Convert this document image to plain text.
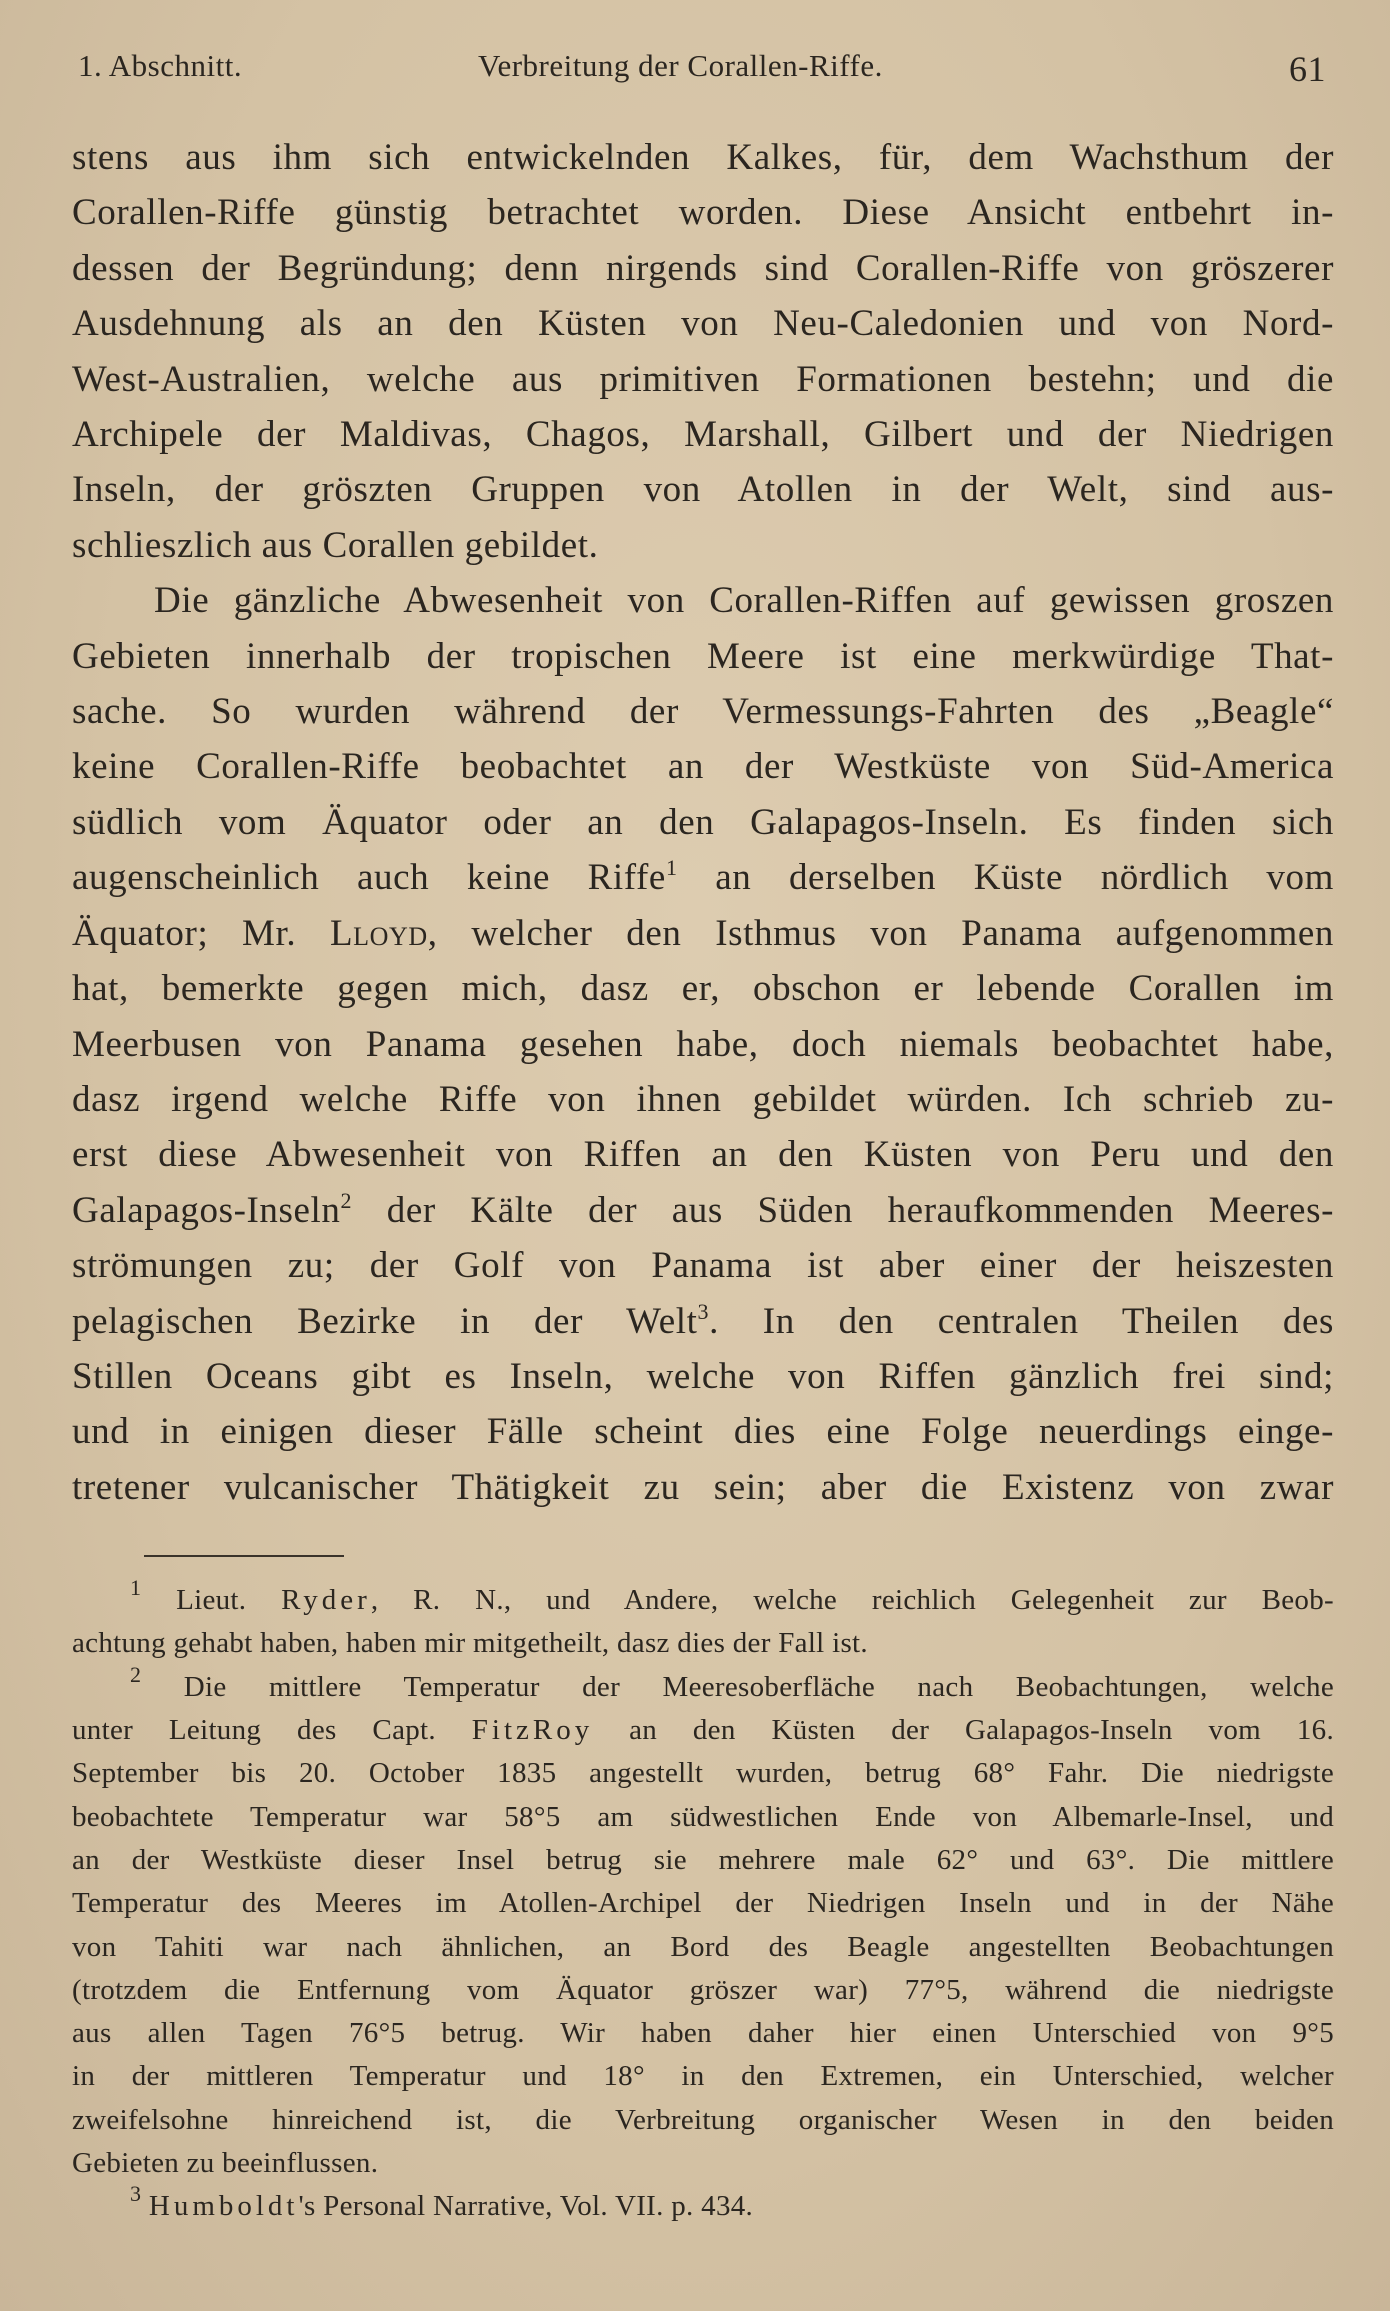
1. Abschnitt.	Verbreitung der Corallen-Riffe.	61
stens aus ihm sich entwickelnden Kalkes, für, dem Wachsthum der
Corallen-Riffe günstig betrachtet worden. Diese Ansicht entbehrt in-
dessen der Begründung; denn nirgends sind Corallen-Riffe von gröszerer
Ausdehnung als an den Küsten von Neu-Caledonien und von Nord-
West-Australien, welche aus primitiven Formationen bestehn; und die
Archipele der Maldivas, Chagos, Marshall, Gilbert und der Niedrigen
Inseln, der gröszten Gruppen von Atollen in der Welt, sind aus-
schlieszlich aus Corallen gebildet.
Die gänzliche Abwesenheit von Corallen-Riffen auf gewissen groszen
Gebieten innerhalb der tropischen Meere ist eine merkwürdige That-
sache. So wurden während der Vermessungs-Fahrten des „Beagle“
keine Corallen-Riffe beobachtet an der Westküste von Süd-America
südlich vom Äquator oder an den Galapagos-Inseln. Es finden sich
augenscheinlich auch keine Riffe$^1$ an derselben Küste nördlich vom
Äquator; Mr. Lloyd, welcher den Isthmus von Panama aufgenommen
hat, bemerkte gegen mich, dasz er, obschon er lebende Corallen im
Meerbusen von Panama gesehen habe, doch niemals beobachtet habe,
dasz irgend welche Riffe von ihnen gebildet würden. Ich schrieb zu-
erst diese Abwesenheit von Riffen an den Küsten von Peru und den
Galapagos-Inseln$^2$ der Kälte der aus Süden heraufkommenden Meeres-
strömungen zu; der Golf von Panama ist aber einer der heiszesten
pelagischen Bezirke in der Welt$^3$. In den centralen Theilen des
Stillen Oceans gibt es Inseln, welche von Riffen gänzlich frei sind;
und in einigen dieser Fälle scheint dies eine Folge neuerdings einge-
tretener vulcanischer Thätigkeit zu sein; aber die Existenz von zwar
$^1$ Lieut. Ryder, R. N., und Andere, welche reichlich Gelegenheit zur Beob-
achtung gehabt haben, haben mir mitgetheilt, dasz dies der Fall ist.
$^2$ Die mittlere Temperatur der Meeresoberfläche nach Beobachtungen, welche
unter Leitung des Capt. FitzRoy an den Küsten der Galapagos-Inseln vom 16.
September bis 20. October 1835 angestellt wurden, betrug 68° Fahr. Die niedrigste
beobachtete Temperatur war 58°5 am südwestlichen Ende von Albemarle-Insel, und
an der Westküste dieser Insel betrug sie mehrere male 62° und 63°. Die mittlere
Temperatur des Meeres im Atollen-Archipel der Niedrigen Inseln und in der Nähe
von Tahiti war nach ähnlichen, an Bord des Beagle angestellten Beobachtungen
(trotzdem die Entfernung vom Äquator gröszer war) 77°5, während die niedrigste
aus allen Tagen 76°5 betrug. Wir haben daher hier einen Unterschied von 9°5
in der mittleren Temperatur und 18° in den Extremen, ein Unterschied, welcher
zweifelsohne hinreichend ist, die Verbreitung organischer Wesen in den beiden
Gebieten zu beeinflussen.
$^3$ Humboldt's Personal Narrative, Vol. VII. p. 434.
